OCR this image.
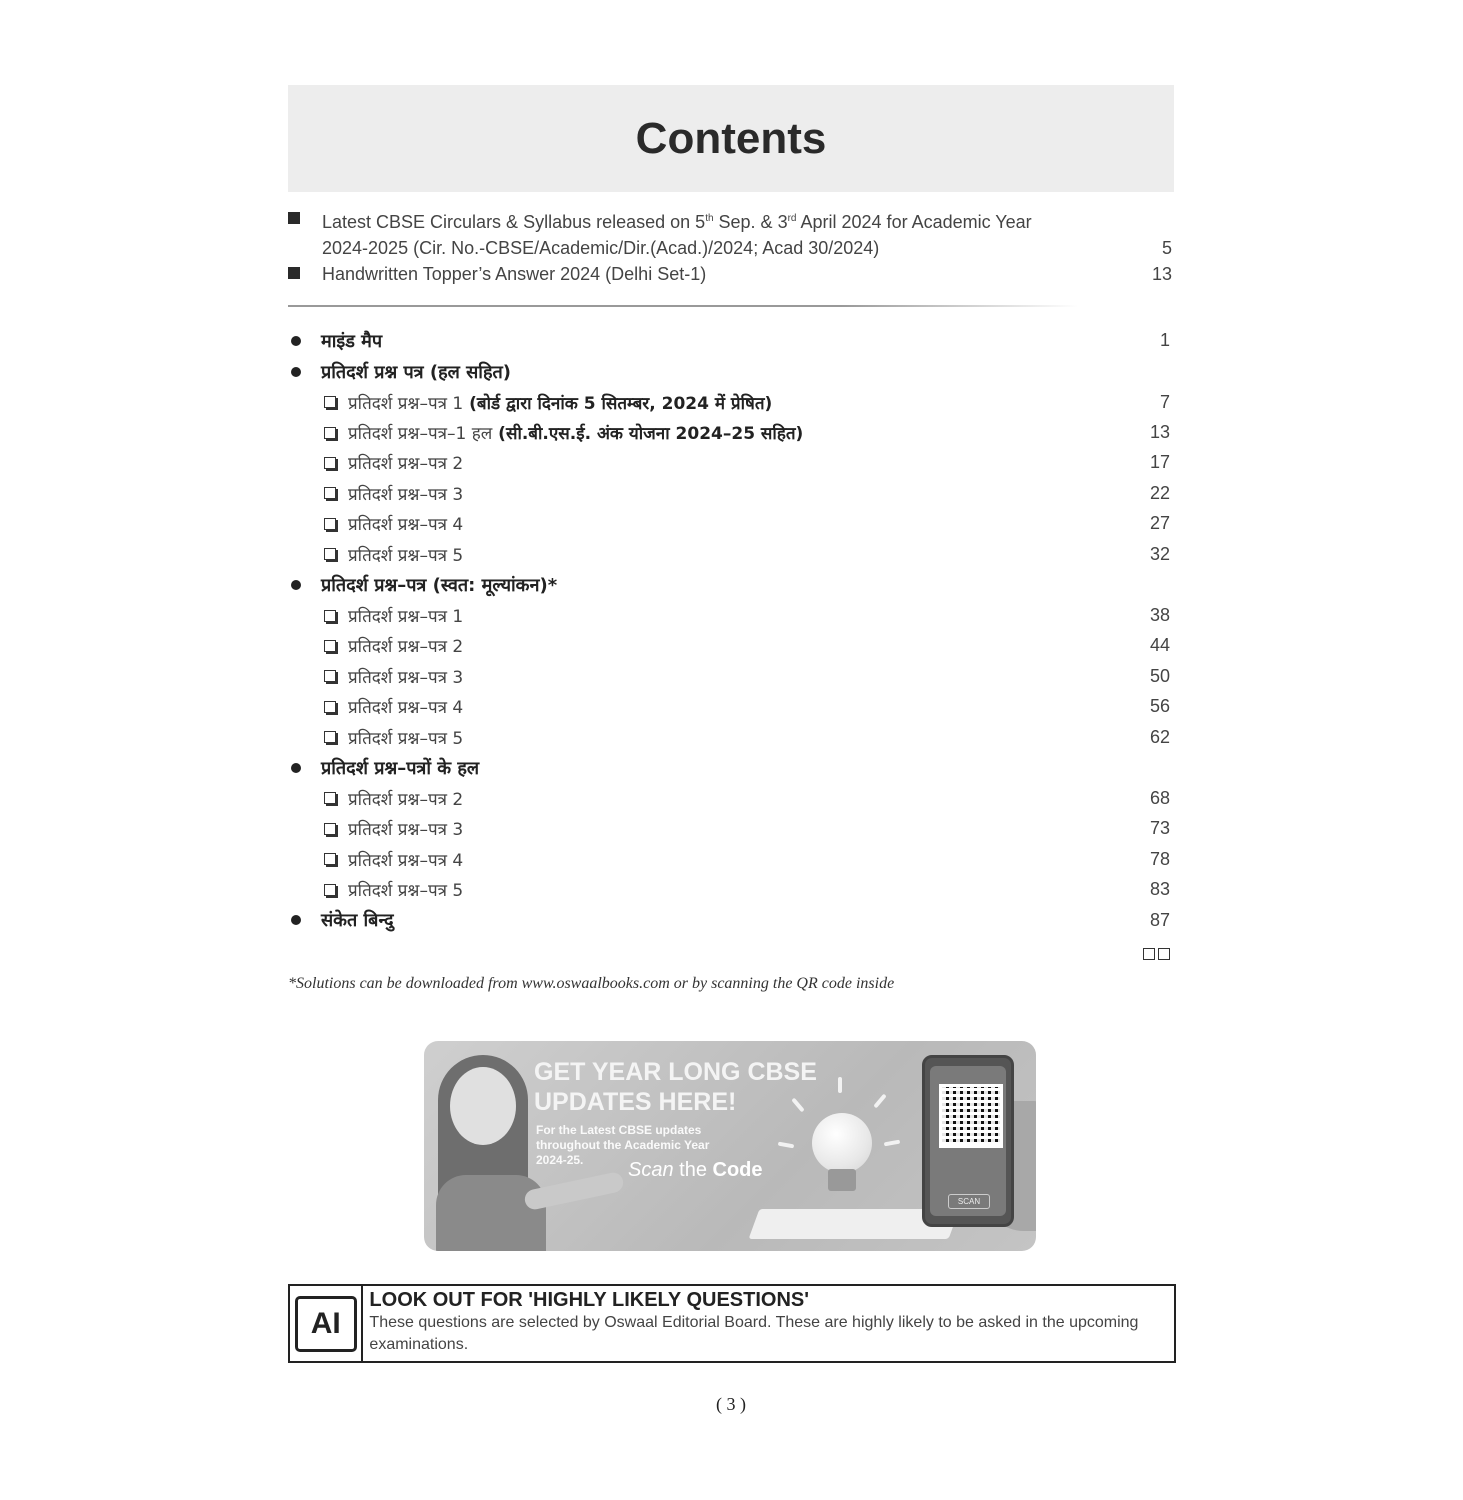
Contents
Latest CBSE Circulars & Syllabus released on 5th Sep. & 3rd April 2024 for Academic Year 2024-2025 (Cir. No.-CBSE/Academic/Dir.(Acad.)/2024; Acad 30/2024)	5
Handwritten Topper’s Answer 2024 (Delhi Set-1)	13
माइंड मैप	1
प्रतिदर्श प्रश्न पत्र (हल सहित)
प्रतिदर्श प्रश्न–पत्र 1 (बोर्ड द्वारा दिनांक 5 सितम्बर, 2024 में प्रेषित)	7
प्रतिदर्श प्रश्न–पत्र–1 हल (सी.बी.एस.ई. अंक योजना 2024–25 सहित)	13
प्रतिदर्श प्रश्न–पत्र 2	17
प्रतिदर्श प्रश्न–पत्र 3	22
प्रतिदर्श प्रश्न–पत्र 4	27
प्रतिदर्श प्रश्न–पत्र 5	32
प्रतिदर्श प्रश्न–पत्र (स्वत: मूल्यांकन)*
प्रतिदर्श प्रश्न–पत्र 1	38
प्रतिदर्श प्रश्न–पत्र 2	44
प्रतिदर्श प्रश्न–पत्र 3	50
प्रतिदर्श प्रश्न–पत्र 4	56
प्रतिदर्श प्रश्न–पत्र 5	62
प्रतिदर्श प्रश्न–पत्रों के हल
प्रतिदर्श प्रश्न–पत्र 2	68
प्रतिदर्श प्रश्न–पत्र 3	73
प्रतिदर्श प्रश्न–पत्र 4	78
प्रतिदर्श प्रश्न–पत्र 5	83
संकेत बिन्दु	87
*Solutions can be downloaded from www.oswaalbooks.com or by scanning the QR code inside
GET YEAR LONG CBSE
UPDATES HERE!
For the Latest CBSE updates throughout the Academic Year 2024-25.	Scan the Code
SCAN
AI
LOOK OUT FOR 'HIGHLY LIKELY QUESTIONS'
These questions are selected by Oswaal Editorial Board. These are highly likely to be asked in the upcoming examinations.
( 3 )
